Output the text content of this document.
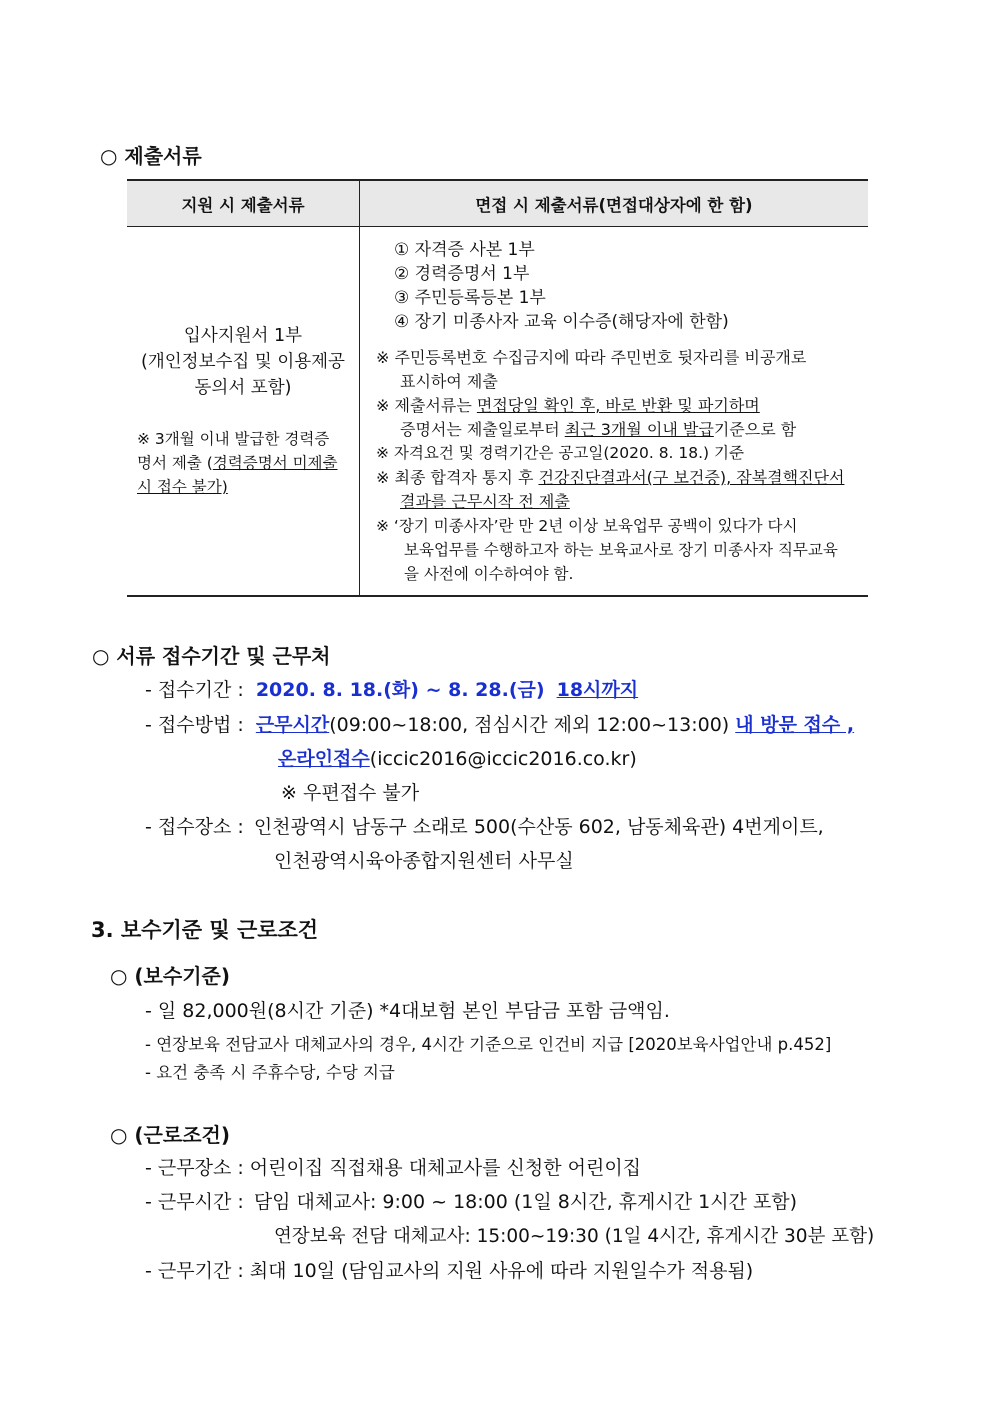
○ 제출서류
지원 시 제출서류	면접 시 제출서류(면접대상자에 한 함)
입사지원서 1부
(개인정보수집 및 이용제공
동의서 포함)
※ 3개월 이내 발급한 경력증
명서 제출 (경력증명서 미제출
시 접수 불가)
① 자격증 사본 1부
② 경력증명서 1부
③ 주민등록등본 1부
④ 장기 미종사자 교육 이수증(해당자에 한함)
※ 주민등록번호 수집금지에 따라 주민번호 뒷자리를 비공개로
표시하여 제출
※ 제출서류는 면접당일 확인 후, 바로 반환 및 파기하며
증명서는 제출일로부터 최근 3개월 이내 발급기준으로 함
※ 자격요건 및 경력기간은 공고일(2020. 8. 18.) 기준
※ 최종 합격자 통지 후 건강진단결과서(구 보건증), 잠복결핵진단서
결과를 근무시작 전 제출
※ ‘장기 미종사자’란 만 2년 이상 보육업무 공백이 있다가 다시
보육업무를 수행하고자 하는 보육교사로 장기 미종사자 직무교육
을 사전에 이수하여야 함.
○ 서류 접수기간 및 근무처
- 접수기간 : 2020. 8. 18.(화) ~ 8. 28.(금) 18시까지
- 접수방법 : 근무시간(09:00~18:00, 점심시간 제외 12:00~13:00) 내 방문 접수 ,
온라인접수(iccic2016@iccic2016.co.kr)
※ 우편접수 불가
- 접수장소 : 인천광역시 남동구 소래로 500(수산동 602, 남동체육관) 4번게이트,
인천광역시육아종합지원센터 사무실
3. 보수기준 및 근로조건
○ (보수기준)
- 일 82,000원(8시간 기준) *4대보험 본인 부담금 포함 금액임.
- 연장보육 전담교사 대체교사의 경우, 4시간 기준으로 인건비 지급 [2020보육사업안내 p.452]
- 요건 충족 시 주휴수당, 수당 지급
○ (근로조건)
- 근무장소 : 어린이집 직접채용 대체교사를 신청한 어린이집
- 근무시간 : 담임 대체교사: 9:00 ~ 18:00 (1일 8시간, 휴게시간 1시간 포함)
연장보육 전담 대체교사: 15:00~19:30 (1일 4시간, 휴게시간 30분 포함)
- 근무기간 : 최대 10일 (담임교사의 지원 사유에 따라 지원일수가 적용됨)
